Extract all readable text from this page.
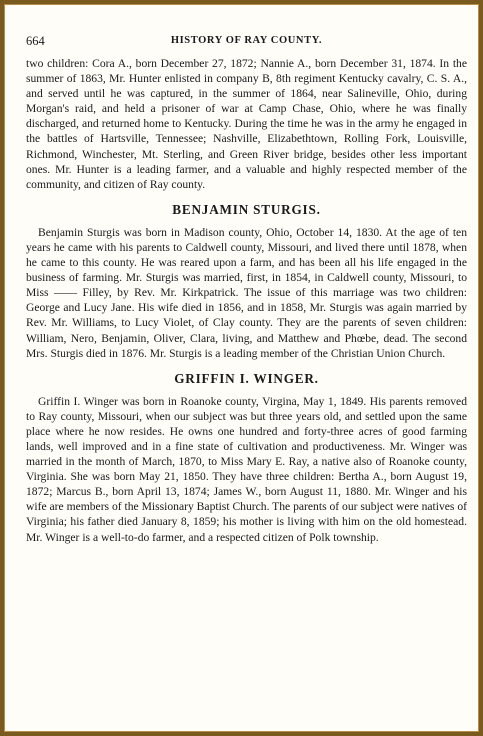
664	HISTORY OF RAY COUNTY.

two children: Cora A., born December 27, 1872; Nannie A., born December 31, 1874. In the summer of 1863, Mr. Hunter enlisted in company B, 8th regiment Kentucky cavalry, C. S. A., and served until he was captured, in the summer of 1864, near Salineville, Ohio, during Morgan's raid, and held a prisoner of war at Camp Chase, Ohio, where he was finally discharged, and returned home to Kentucky. During the time he was in the army he engaged in the battles of Hartsville, Tennessee; Nashville, Elizabethtown, Rolling Fork, Louisville, Richmond, Winchester, Mt. Sterling, and Green River bridge, besides other less important ones. Mr. Hunter is a leading farmer, and a valuable and highly respected member of the community, and citizen of Ray county.

BENJAMIN STURGIS.

Benjamin Sturgis was born in Madison county, Ohio, October 14, 1830. At the age of ten years he came with his parents to Caldwell county, Missouri, and lived there until 1878, when he came to this county. He was reared upon a farm, and has been all his life engaged in the business of farming. Mr. Sturgis was married, first, in 1854, in Caldwell county, Missouri, to Miss —— Filley, by Rev. Mr. Kirkpatrick. The issue of this marriage was two children: George and Lucy Jane. His wife died in 1856, and in 1858, Mr. Sturgis was again married by Rev. Mr. Williams, to Lucy Violet, of Clay county. They are the parents of seven children: William, Nero, Benjamin, Oliver, Clara, living, and Matthew and Phœbe, dead. The second Mrs. Sturgis died in 1876. Mr. Sturgis is a leading member of the Christian Union Church.

GRIFFIN I. WINGER.

Griffin I. Winger was born in Roanoke county, Virgina, May 1, 1849. His parents removed to Ray county, Missouri, when our subject was but three years old, and settled upon the same place where he now resides. He owns one hundred and forty-three acres of good farming lands, well improved and in a fine state of cultivation and productiveness. Mr. Winger was married in the month of March, 1870, to Miss Mary E. Ray, a native also of Roanoke county, Virginia. She was born May 21, 1850. They have three children: Bertha A., born August 19, 1872; Marcus B., born April 13, 1874; James W., born August 11, 1880. Mr. Winger and his wife are members of the Missionary Baptist Church. The parents of our subject were natives of Virginia; his father died January 8, 1859; his mother is living with him on the old homestead. Mr. Winger is a well-to-do farmer, and a respected citizen of Polk township.
